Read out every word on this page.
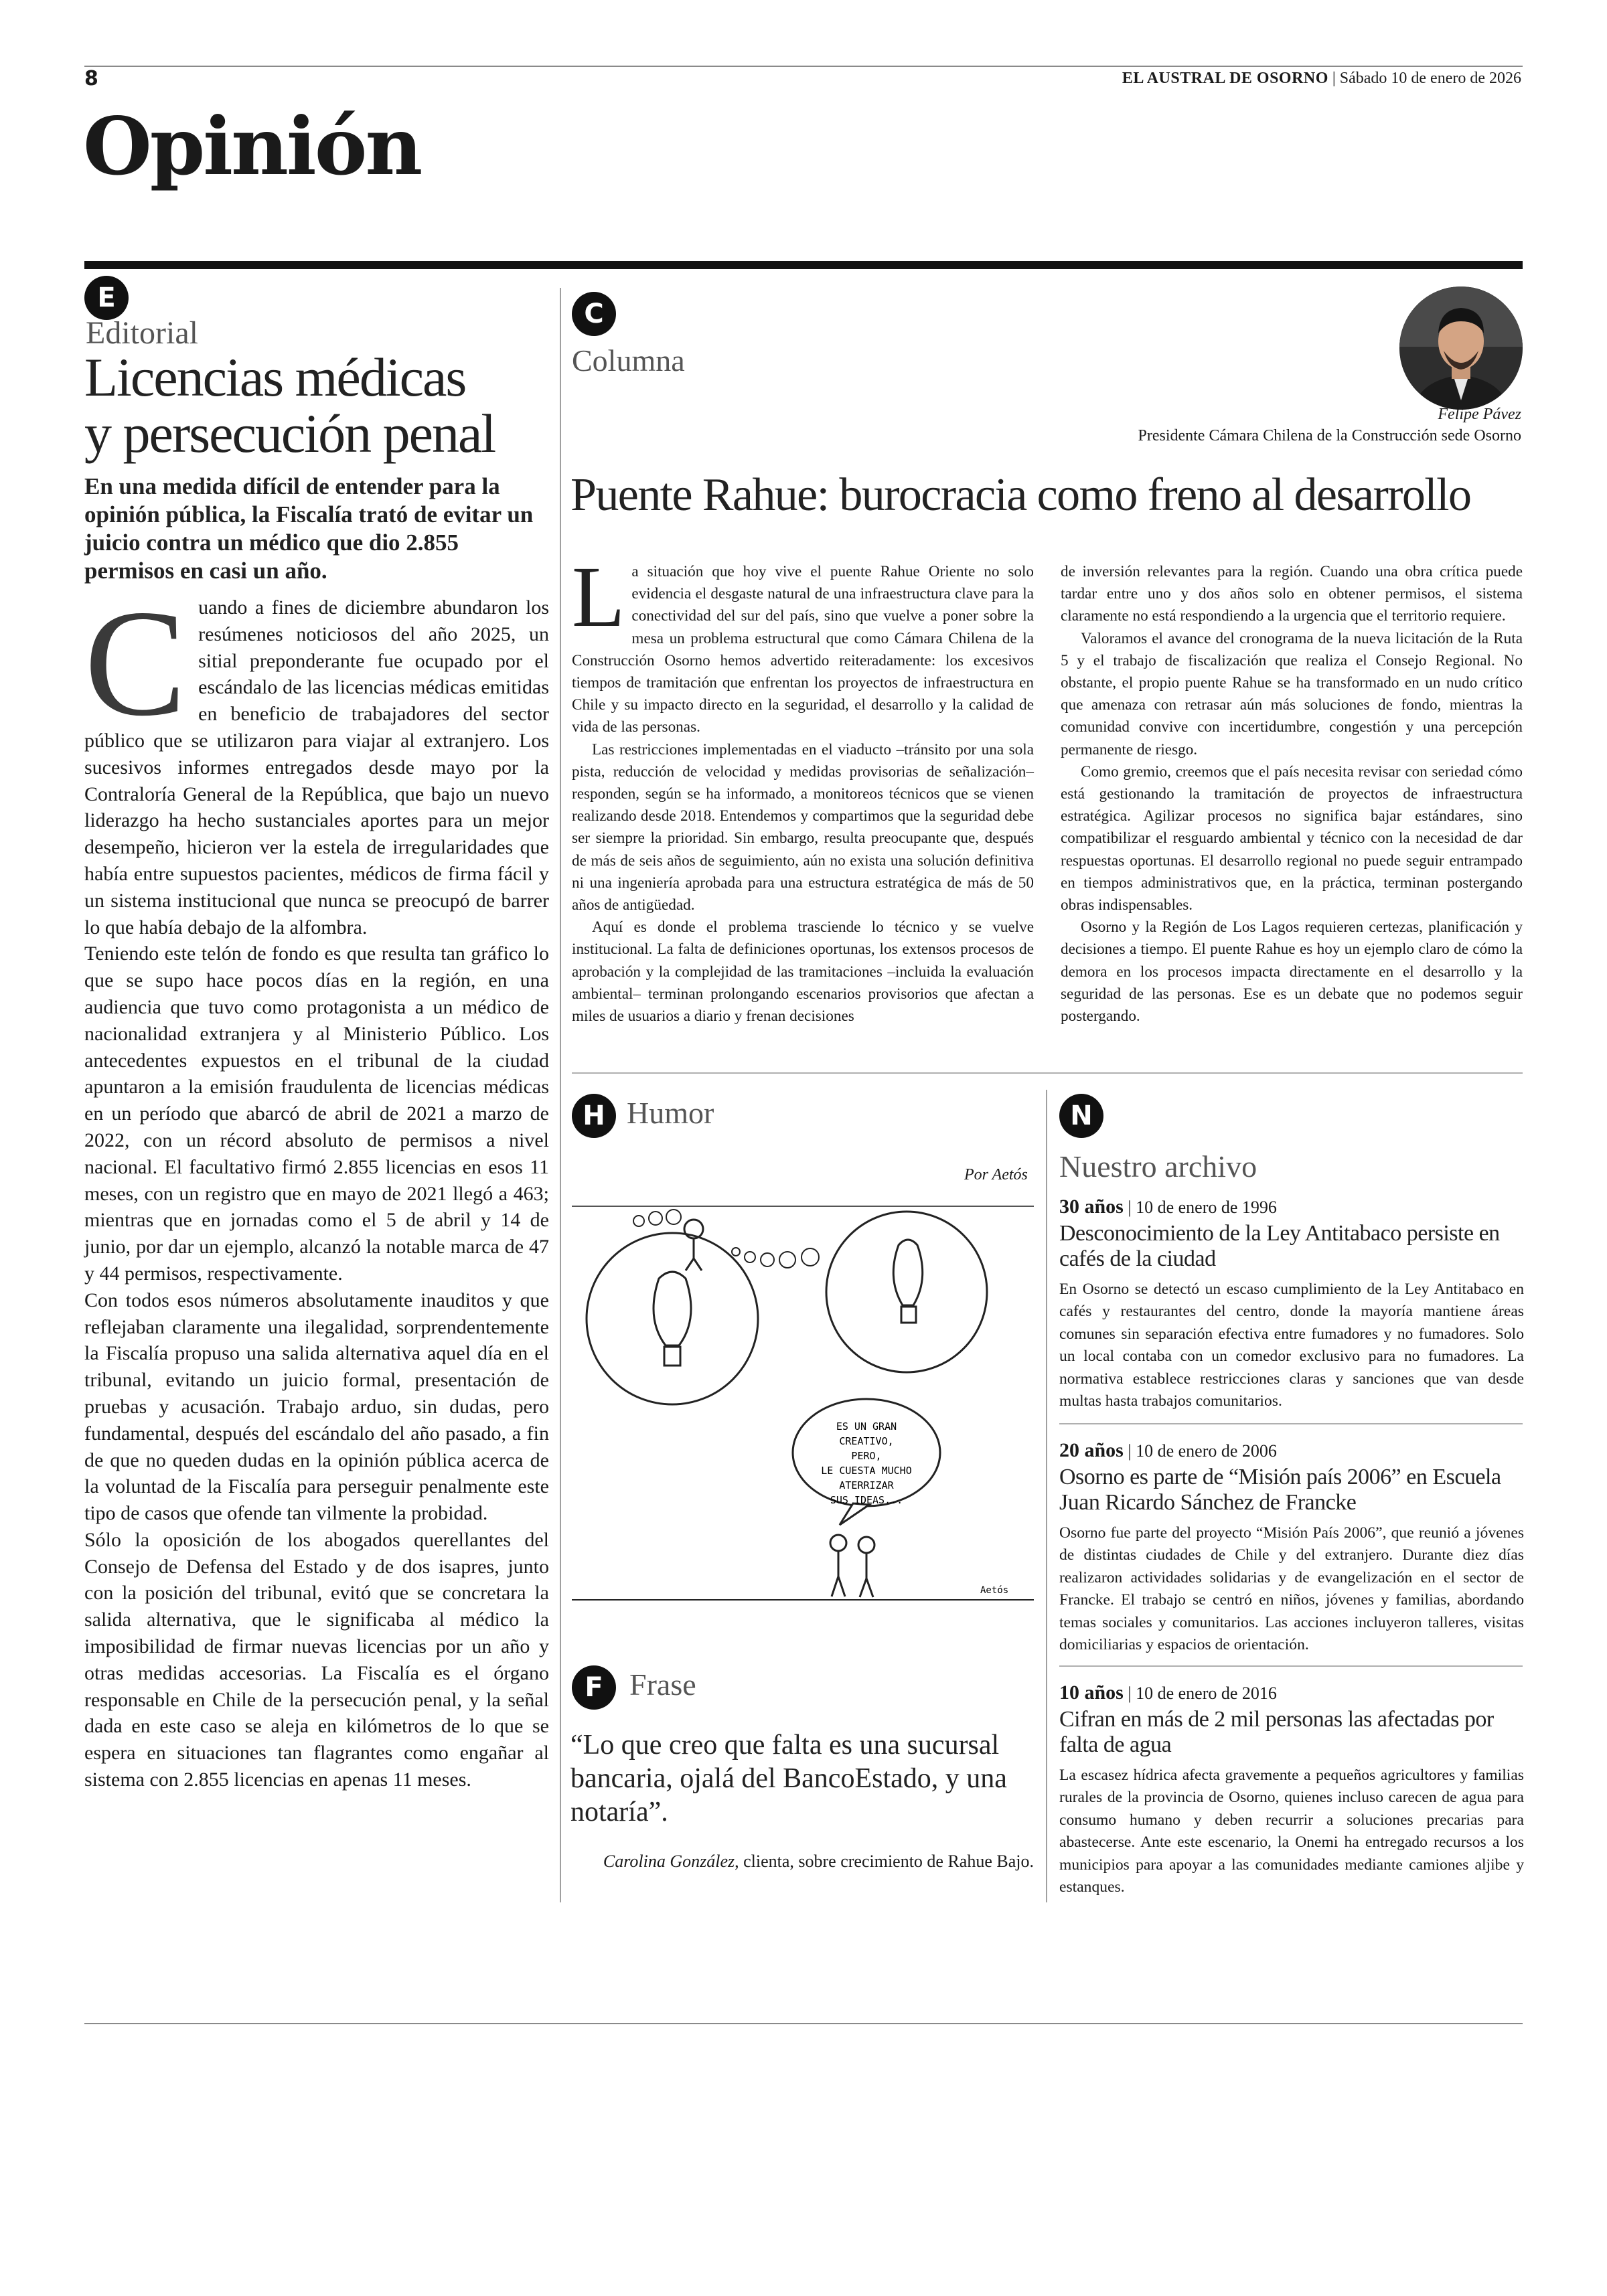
8	EL AUSTRAL DE OSORNO | Sábado 10 de enero de 2026
Opinión
E
Editorial
Licencias médicas
y persecución penal
En una medida difícil de entender para la opinión pública, la Fiscalía trató de evitar un juicio contra un médico que dio 2.855 permisos en casi un año.
C uando a fines de diciembre abundaron los resúmenes noticiosos del año 2025, un sitial preponderante fue ocupado por el escándalo de las licencias médicas emitidas en beneficio de trabajadores del sector público que se utilizaron para viajar al extranjero. Los sucesivos informes entregados desde mayo por la Contraloría General de la República, que bajo un nuevo liderazgo ha hecho sustanciales aportes para un mejor desempeño, hicieron ver la estela de irregularidades que había entre supuestos pacientes, médicos de firma fácil y un sistema institucional que nunca se preocupó de barrer lo que había debajo de la alfombra.

Teniendo este telón de fondo es que resulta tan gráfico lo que se supo hace pocos días en la región, en una audiencia que tuvo como protagonista a un médico de nacionalidad extranjera y al Ministerio Público. Los antecedentes expuestos en el tribunal de la ciudad apuntaron a la emisión fraudulenta de licencias médicas en un período que abarcó de abril de 2021 a marzo de 2022, con un récord absoluto de permisos a nivel nacional. El facultativo firmó 2.855 licencias en esos 11 meses, con un registro que en mayo de 2021 llegó a 463; mientras que en jornadas como el 5 de abril y 14 de junio, por dar un ejemplo, alcanzó la notable marca de 47 y 44 permisos, respectivamente.

Con todos esos números absolutamente inauditos y que reflejaban claramente una ilegalidad, sorprendentemente la Fiscalía propuso una salida alternativa aquel día en el tribunal, evitando un juicio formal, presentación de pruebas y acusación. Trabajo arduo, sin dudas, pero fundamental, después del escándalo del año pasado, a fin de que no queden dudas en la opinión pública acerca de la voluntad de la Fiscalía para perseguir penalmente este tipo de casos que ofende tan vilmente la probidad.

Sólo la oposición de los abogados querellantes del Consejo de Defensa del Estado y de dos isapres, junto con la posición del tribunal, evitó que se concretara la salida alternativa, que le significaba al médico la imposibilidad de firmar nuevas licencias por un año y otras medidas accesorias. La Fiscalía es el órgano responsable en Chile de la persecución penal, y la señal dada en este caso se aleja en kilómetros de lo que se espera en situaciones tan flagrantes como engañar al sistema con 2.855 licencias en apenas 11 meses.

C
Columna
Felipe Pávez
Presidente Cámara Chilena de la Construcción sede Osorno
Puente Rahue: burocracia como freno al desarrollo
L a situación que hoy vive el puente Rahue Oriente no solo evidencia el desgaste natural de una infraestructura clave para la conectividad del sur del país, sino que vuelve a poner sobre la mesa un problema estructural que como Cámara Chilena de la Construcción Osorno hemos advertido reiteradamente: los excesivos tiempos de tramitación que enfrentan los proyectos de infraestructura en Chile y su impacto directo en la seguridad, el desarrollo y la calidad de vida de las personas.

Las restricciones implementadas en el viaducto –tránsito por una sola pista, reducción de velocidad y medidas provisorias de señalización– responden, según se ha informado, a monitoreos técnicos que se vienen realizando desde 2018. Entendemos y compartimos que la seguridad debe ser siempre la prioridad. Sin embargo, resulta preocupante que, después de más de seis años de seguimiento, aún no exista una solución definitiva ni una ingeniería aprobada para una estructura estratégica de más de 50 años de antigüedad.

Aquí es donde el problema trasciende lo técnico y se vuelve institucional. La falta de definiciones oportunas, los extensos procesos de aprobación y la complejidad de las tramitaciones –incluida la evaluación ambiental– terminan prolongando escenarios provisorios que afectan a miles de usuarios a diario y frenan decisiones

de inversión relevantes para la región. Cuando una obra crítica puede tardar entre uno y dos años solo en obtener permisos, el sistema claramente no está respondiendo a la urgencia que el territorio requiere.

Valoramos el avance del cronograma de la nueva licitación de la Ruta 5 y el trabajo de fiscalización que realiza el Consejo Regional. No obstante, el propio puente Rahue se ha transformado en un nudo crítico que amenaza con retrasar aún más soluciones de fondo, mientras la comunidad convive con incertidumbre, congestión y una percepción permanente de riesgo.

Como gremio, creemos que el país necesita revisar con seriedad cómo está gestionando la tramitación de proyectos de infraestructura estratégica. Agilizar procesos no significa bajar estándares, sino compatibilizar el resguardo ambiental y técnico con la necesidad de dar respuestas oportunas. El desarrollo regional no puede seguir entrampado en tiempos administrativos que, en la práctica, terminan postergando obras indispensables.

Osorno y la Región de Los Lagos requieren certezas, planificación y decisiones a tiempo. El puente Rahue es hoy un ejemplo claro de cómo la demora en los procesos impacta directamente en el desarrollo y la seguridad de las personas. Ese es un debate que no podemos seguir postergando.

H Humor
Por Aetós
ES UN GRAN
CREATIVO,
PERO,
LE CUESTA MUCHO
ATERRIZAR
SUS IDEAS...
Aetós
F Frase
“Lo que creo que falta es una sucursal bancaria, ojalá del BancoEstado, y una notaría”.
Carolina González, clienta, sobre crecimiento de Rahue Bajo.
N
Nuestro archivo
30 años | 10 de enero de 1996
Desconocimiento de la Ley Antitabaco persiste en cafés de la ciudad
En Osorno se detectó un escaso cumplimiento de la Ley Antitabaco en cafés y restaurantes del centro, donde la mayoría mantiene áreas comunes sin separación efectiva entre fumadores y no fumadores. Solo un local contaba con un comedor exclusivo para no fumadores. La normativa establece restricciones claras y sanciones que van desde multas hasta trabajos comunitarios.
20 años | 10 de enero de 2006
Osorno es parte de “Misión país 2006” en Escuela Juan Ricardo Sánchez de Francke
Osorno fue parte del proyecto “Misión País 2006”, que reunió a jóvenes de distintas ciudades de Chile y del extranjero. Durante diez días realizaron actividades solidarias y de evangelización en el sector de Francke. El trabajo se centró en niños, jóvenes y familias, abordando temas sociales y comunitarios. Las acciones incluyeron talleres, visitas domiciliarias y espacios de orientación.
10 años | 10 de enero de 2016
Cifran en más de 2 mil personas las afectadas por falta de agua
La escasez hídrica afecta gravemente a pequeños agricultores y familias rurales de la provincia de Osorno, quienes incluso carecen de agua para consumo humano y deben recurrir a soluciones precarias para abastecerse. Ante este escenario, la Onemi ha entregado recursos a los municipios para apoyar a las comunidades mediante camiones aljibe y estanques.
